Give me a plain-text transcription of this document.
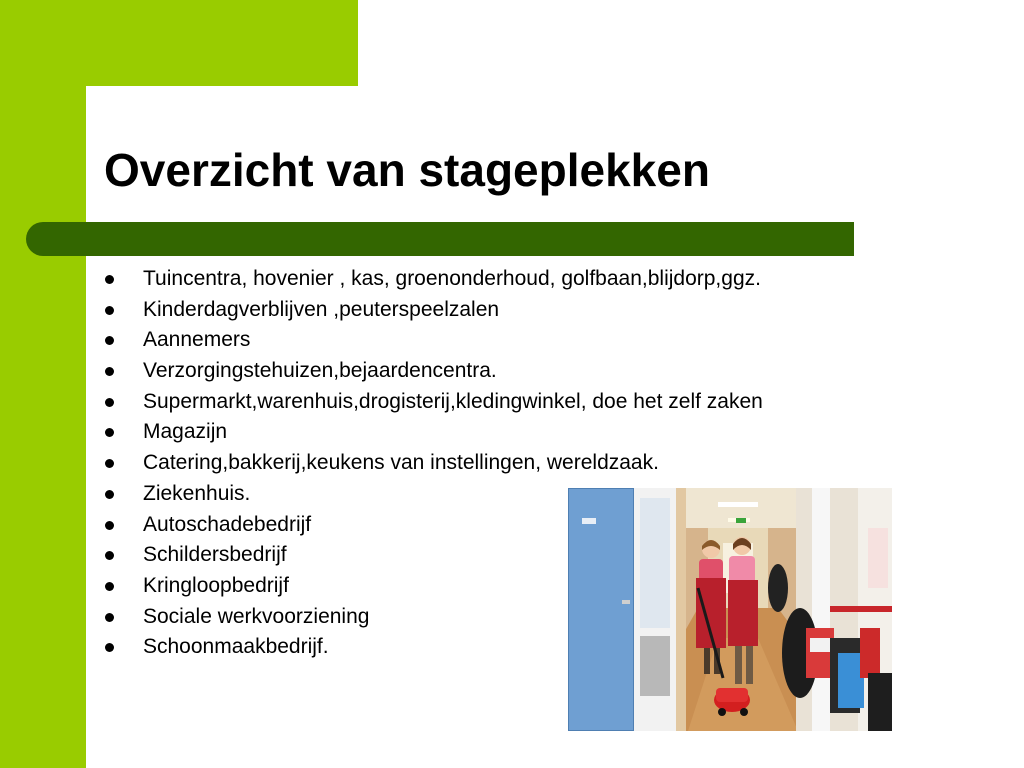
Overzicht van stageplekken
Tuincentra, hovenier , kas, groenonderhoud, golfbaan,blijdorp,ggz.
Kinderdagverblijven ,peuterspeelzalen
Aannemers
Verzorgingstehuizen,bejaardencentra.
Supermarkt,warenhuis,drogisterij,kledingwinkel, doe het zelf zaken
Magazijn
Catering,bakkerij,keukens van instellingen, wereldzaak.
Ziekenhuis.
Autoschadebedrijf
Schildersbedrijf
Kringloopbedrijf
Sociale werkvoorziening
Schoonmaakbedrijf.
